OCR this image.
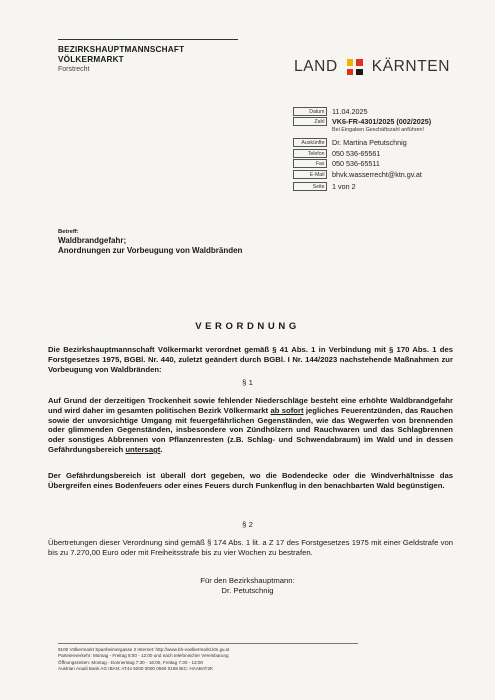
BEZIRKSHAUPTMANNSCHAFT
VÖLKERMARKT
Forstrecht	LAND KÄRNTEN
Datum	11.04.2025
Zahl	VK6-FR-4301/2025 (002/2025)
Bei Eingaben Geschäftszahl anführen!
Auskünfte	Dr. Martina Petutschnig
Telefon	050 536-65561
Fax	050 536-65511
E-Mail	bhvk.wasserrecht@ktn.gv.at
Seite	1 von 2
Betreff:
Waldbrandgefahr;
Anordnungen zur Vorbeugung von Waldbränden
VERORDNUNG
Die Bezirkshauptmannschaft Völkermarkt verordnet gemäß § 41 Abs. 1 in Verbindung mit § 170 Abs. 1 des Forstgesetzes 1975, BGBl. Nr. 440, zuletzt geändert durch BGBl. I Nr. 144/2023 nachstehende Maßnahmen zur Vorbeugung von Waldbränden:
§ 1
Auf Grund der derzeitigen Trockenheit sowie fehlender Niederschläge besteht eine erhöhte Waldbrandgefahr und wird daher im gesamten politischen Bezirk Völkermarkt ab sofort jegliches Feuerentzünden, das Rauchen sowie der unvorsichtige Umgang mit feuergefährlichen Gegenständen, wie das Wegwerfen von brennenden oder glimmenden Gegenständen, insbesondere von Zündhölzern und Rauchwaren und das Schlagbrennen oder sonstiges Abbrennen von Pflanzenresten (z.B. Schlag- und Schwendabraum) im Wald und in dessen Gefährdungsbereich untersagt.
Der Gefährdungsbereich ist überall dort gegeben, wo die Bodendecke oder die Windverhältnisse das Übergreifen eines Bodenfeuers oder eines Feuers durch Funkenflug in den benachbarten Wald begünstigen.
§ 2
Übertretungen dieser Verordnung sind gemäß § 174 Abs. 1 lit. a Z 17 des Forstgesetzes 1975 mit einer Geldstrafe von bis zu 7.270,00 Euro oder mit Freiheitsstrafe bis zu vier Wochen zu bestrafen.
Für den Bezirkshauptmann:
Dr. Petutschnig
9100 Völkermarkt Spanheimergasse 2 Internet: http://www.bh-voelkermarkt.ktn.gv.at
Parteienverkehr: Montag - Freitag 8:00 - 12:00 und nach telefonischer Vereinbarung
Öffnungszeiten: Montag - Donnerstag 7:30 - 16:00, Freitag 7:30 - 13:00
Austrian Anadi Bank AG IBAN: AT44 5200 0000 0550 0168 BIC: HAABAT2K
